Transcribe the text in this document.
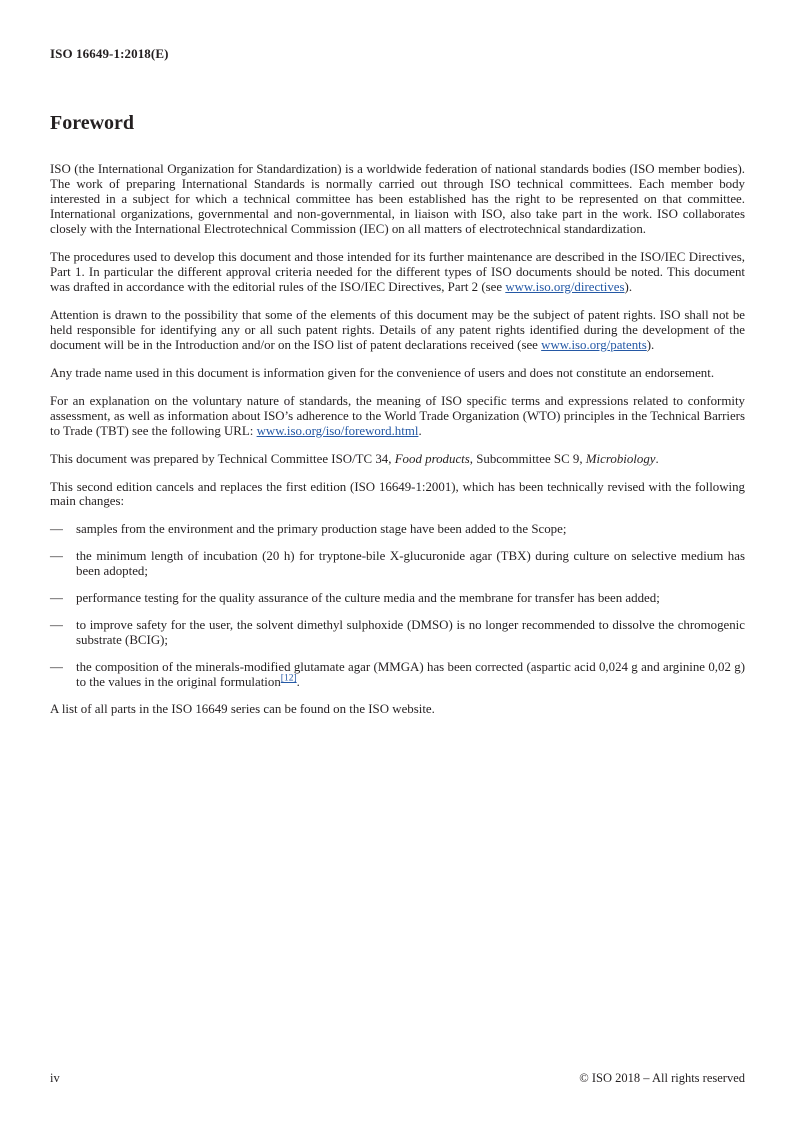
ISO 16649-1:2018(E)
Foreword

ISO (the International Organization for Standardization) is a worldwide federation of national standards bodies (ISO member bodies). The work of preparing International Standards is normally carried out through ISO technical committees. Each member body interested in a subject for which a technical committee has been established has the right to be represented on that committee. International organizations, governmental and non-governmental, in liaison with ISO, also take part in the work. ISO collaborates closely with the International Electrotechnical Commission (IEC) on all matters of electrotechnical standardization.

The procedures used to develop this document and those intended for its further maintenance are described in the ISO/IEC Directives, Part 1. In particular the different approval criteria needed for the different types of ISO documents should be noted. This document was drafted in accordance with the editorial rules of the ISO/IEC Directives, Part 2 (see www.iso.org/directives).

Attention is drawn to the possibility that some of the elements of this document may be the subject of patent rights. ISO shall not be held responsible for identifying any or all such patent rights. Details of any patent rights identified during the development of the document will be in the Introduction and/or on the ISO list of patent declarations received (see www.iso.org/patents).

Any trade name used in this document is information given for the convenience of users and does not constitute an endorsement.

For an explanation on the voluntary nature of standards, the meaning of ISO specific terms and expressions related to conformity assessment, as well as information about ISO’s adherence to the World Trade Organization (WTO) principles in the Technical Barriers to Trade (TBT) see the following URL: www.iso.org/iso/foreword.html.

This document was prepared by Technical Committee ISO/TC 34, Food products, Subcommittee SC 9, Microbiology.

This second edition cancels and replaces the first edition (ISO 16649-1:2001), which has been technically revised with the following main changes:

— samples from the environment and the primary production stage have been added to the Scope;
— the minimum length of incubation (20 h) for tryptone-bile X-glucuronide agar (TBX) during culture on selective medium has been adopted;
— performance testing for the quality assurance of the culture media and the membrane for transfer has been added;
— to improve safety for the user, the solvent dimethyl sulphoxide (DMSO) is no longer recommended to dissolve the chromogenic substrate (BCIG);
— the composition of the minerals-modified glutamate agar (MMGA) has been corrected (aspartic acid 0,024 g and arginine 0,02 g) to the values in the original formulation[12].

A list of all parts in the ISO 16649 series can be found on the ISO website.

iv	© ISO 2018 – All rights reserved
